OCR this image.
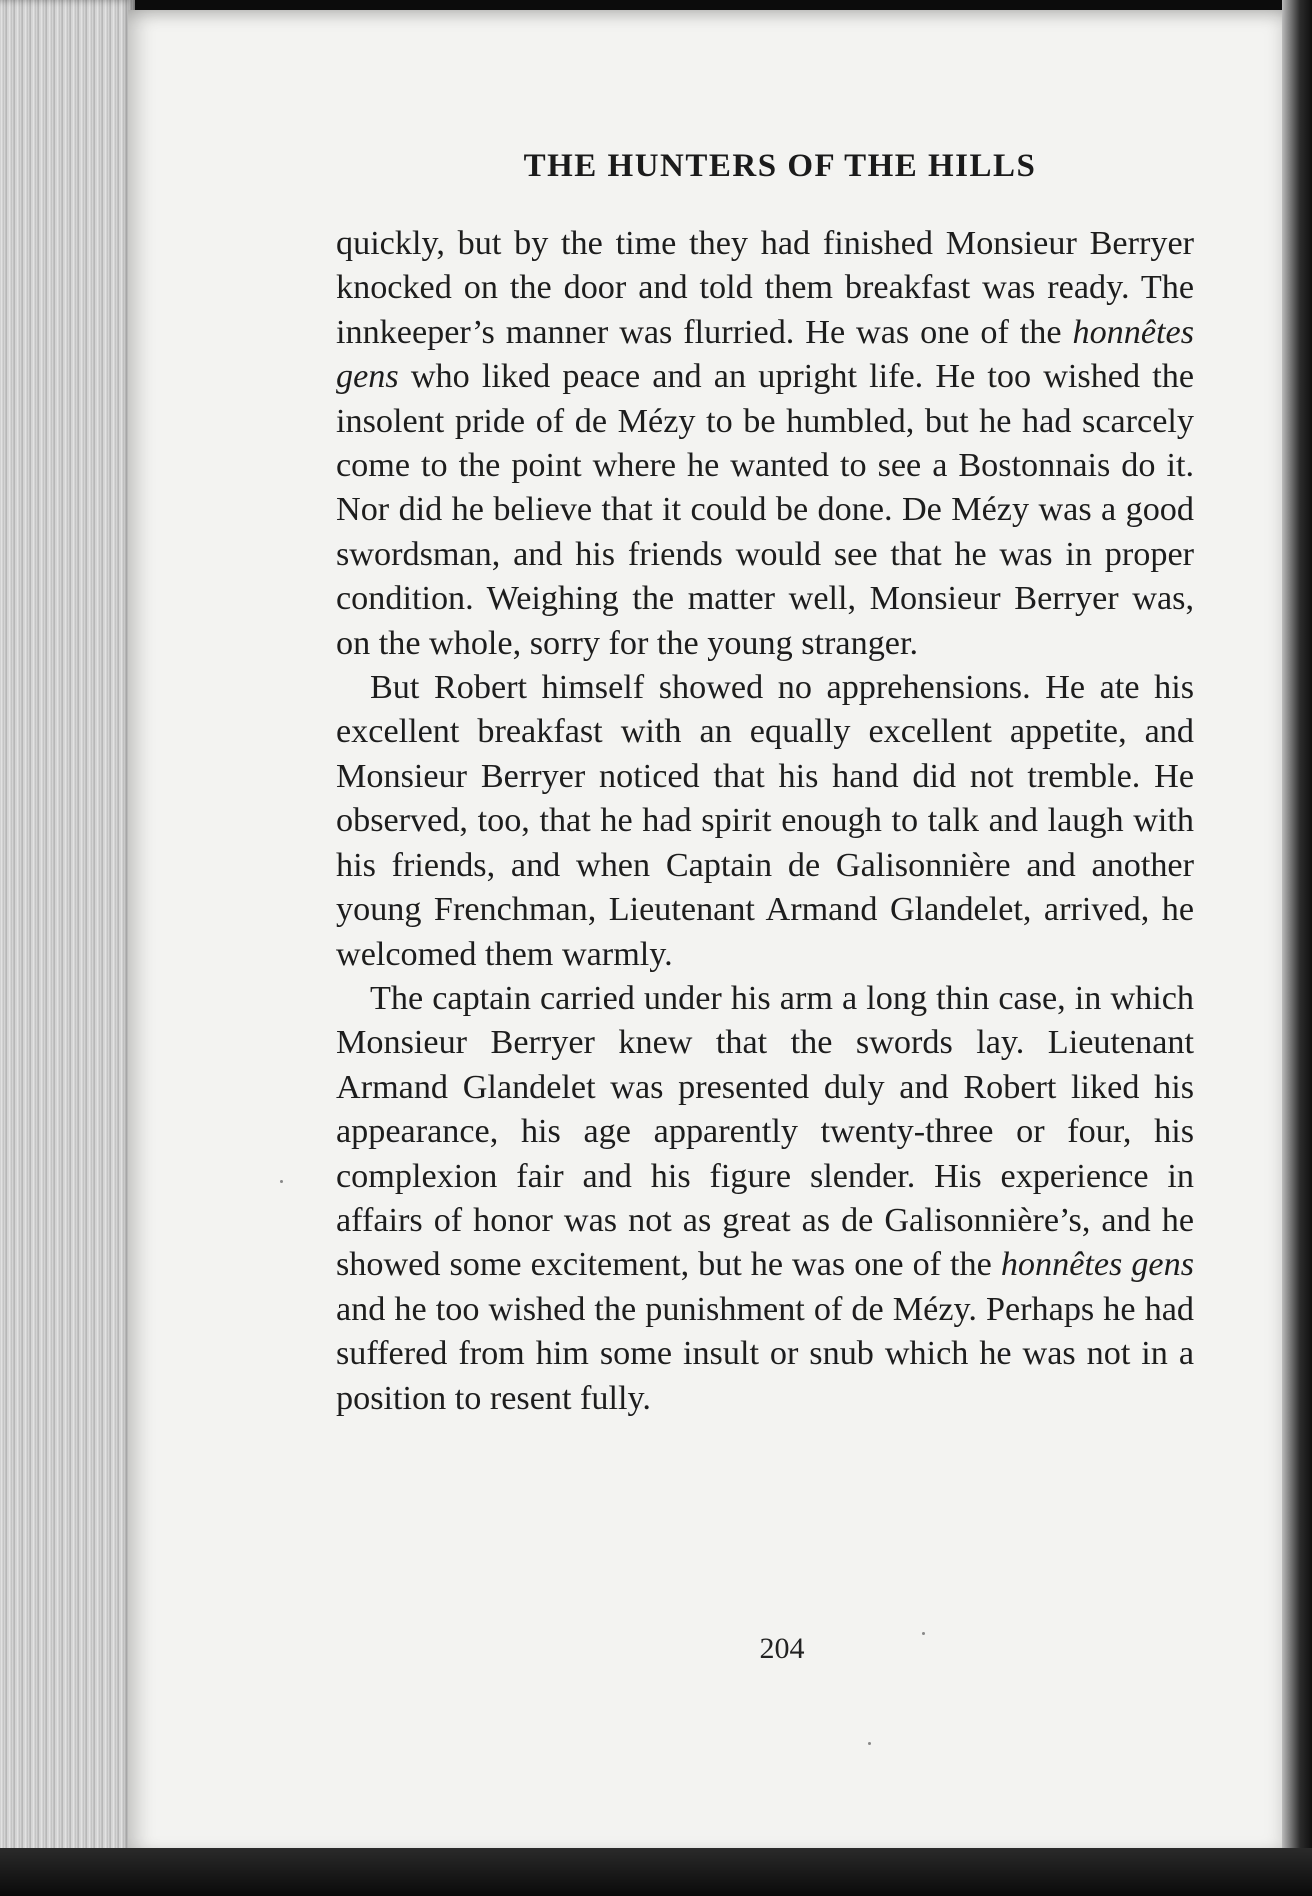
THE HUNTERS OF THE HILLS

quickly, but by the time they had finished Monsieur Berryer knocked on the door and told them breakfast was ready. The innkeeper’s manner was flurried. He was one of the honnêtes gens who liked peace and an upright life. He too wished the insolent pride of de Mézy to be humbled, but he had scarcely come to the point where he wanted to see a Bostonnais do it. Nor did he believe that it could be done. De Mézy was a good swordsman, and his friends would see that he was in proper condition. Weighing the matter well, Monsieur Berryer was, on the whole, sorry for the young stranger.

But Robert himself showed no apprehensions. He ate his excellent breakfast with an equally excellent appetite, and Monsieur Berryer noticed that his hand did not tremble. He observed, too, that he had spirit enough to talk and laugh with his friends, and when Captain de Galisonnière and another young Frenchman, Lieutenant Armand Glandelet, arrived, he welcomed them warmly.

The captain carried under his arm a long thin case, in which Monsieur Berryer knew that the swords lay. Lieutenant Armand Glandelet was presented duly and Robert liked his appearance, his age apparently twenty-three or four, his complexion fair and his figure slender. His experience in affairs of honor was not as great as de Galisonnière’s, and he showed some excitement, but he was one of the honnêtes gens and he too wished the punishment of de Mézy. Perhaps he had suffered from him some insult or snub which he was not in a position to resent fully.

204
